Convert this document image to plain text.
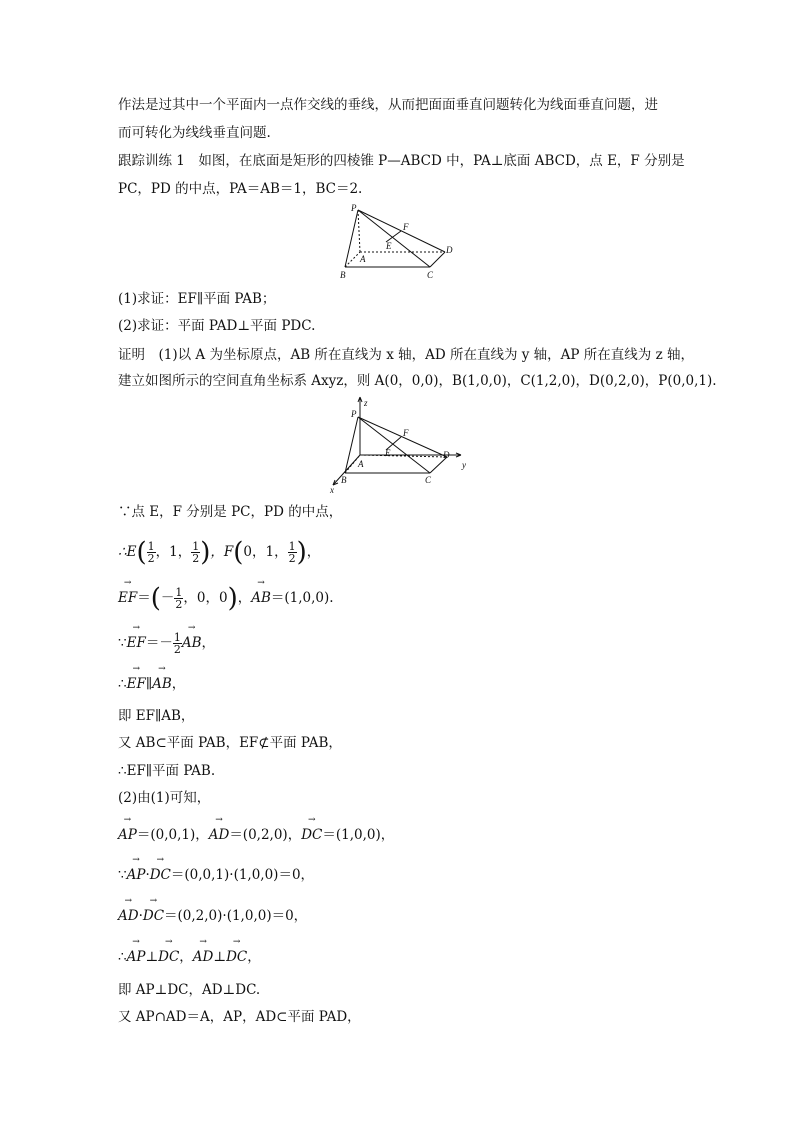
作法是过其中一个平面内一点作交线的垂线，从而把面面垂直问题转化为线面垂直问题，进
而可转化为线线垂直问题.
跟踪训练 1　如图，在底面是矩形的四棱锥 P—ABCD 中，PA⊥底面 ABCD，点 E，F 分别是
PC，PD 的中点，PA＝AB＝1，BC＝2.
P
F
E	D
A
B	C
(1)求证：EF∥平面 PAB；
(2)求证：平面 PAD⊥平面 PDC.
证明　(1)以 A 为坐标原点，AB 所在直线为 x 轴，AD 所在直线为 y 轴，AP 所在直线为 z 轴，
建立如图所示的空间直角坐标系 Axyz，则 A(0，0,0)，B(1,0,0)，C(1,2,0)，D(0,2,0)，P(0,0,1).
z
P
F
E	D
y
A
B	C
x
∵点 E，F 分别是 PC，PD 的中点，
∴E( $\frac{1}{2}$ ，1， $\frac{1}{2}$ )，F(0，1， $\frac{1}{2}$ )，
→ $EF=(- \frac{1}{2}$ ，0，0)，→ AB＝(1,0,0).
∵→ $EF=- \frac{1}{2}$
→ AB，
∴→ EF∥→ AB，
即 EF∥AB，
又 AB⊂平面 PAB，EF⊄平面 PAB，
∴EF∥平面 PAB.
(2)由(1)可知，
→ AP＝(0,0,1)，→ AD＝(0,2,0)，→ DC＝(1,0,0)，
∵→ AP·→ DC＝(0,0,1)·(1,0,0)＝0，
→ AD·→ DC＝(0,2,0)·(1,0,0)＝0，
∴→ AP⊥→ DC，→ AD⊥→ DC，
即 AP⊥DC，AD⊥DC.
又 AP∩AD＝A，AP，AD⊂平面 PAD，
